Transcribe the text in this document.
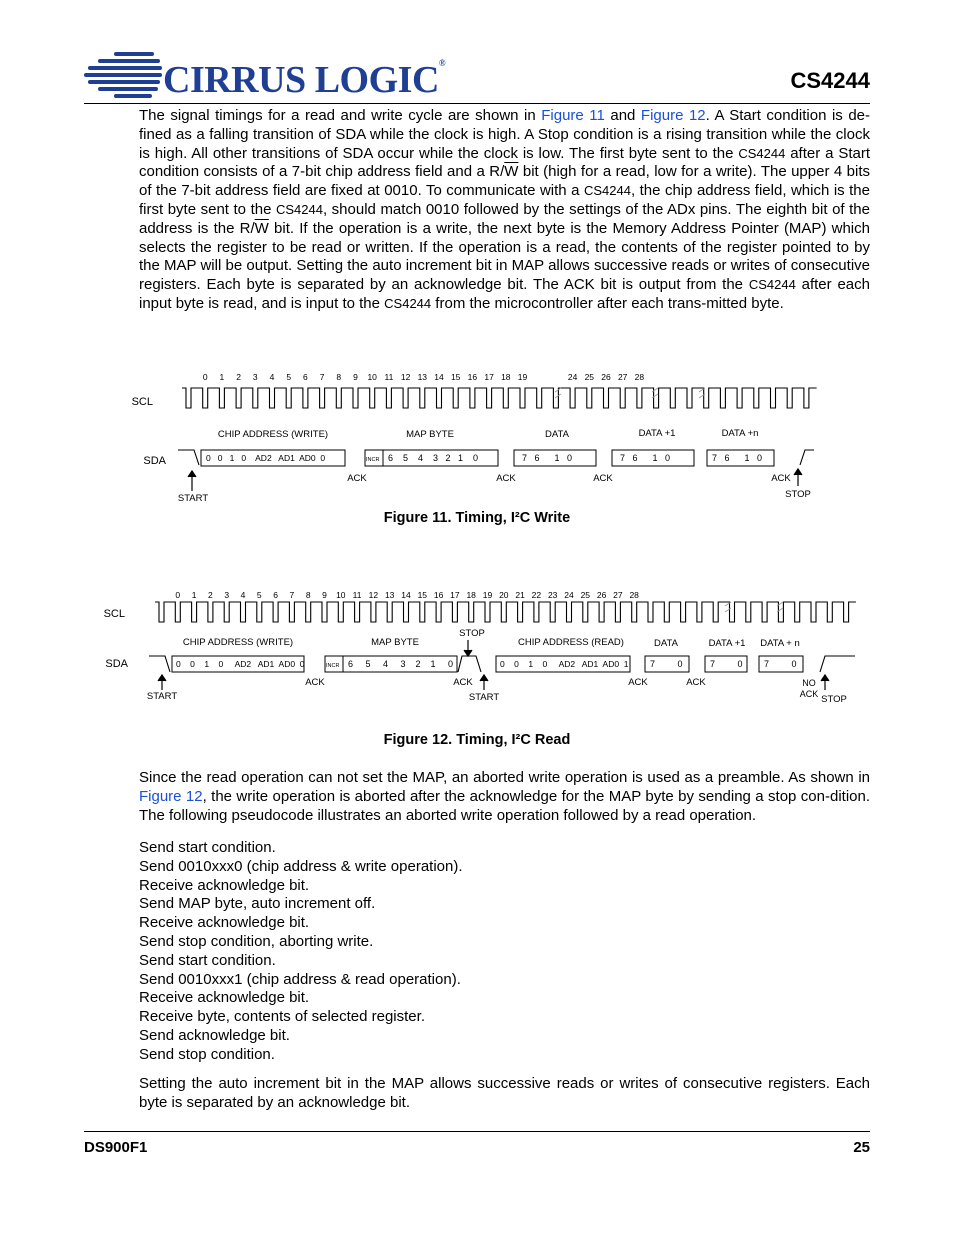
CIRRUS LOGIC®
CS4244
The signal timings for a read and write cycle are shown in Figure 11 and Figure 12. A Start condition is de-fined as a falling transition of SDA while the clock is high. A Stop condition is a rising transition while the clock is high. All other transitions of SDA occur while the clock is low. The first byte sent to the CS4244 after a Start condition consists of a 7-bit chip address field and a $R/\overline{W}$ bit (high for a read, low for a write). The upper 4 bits of the 7-bit address field are fixed at 0010. To communicate with a CS4244, the chip address field, which is the first byte sent to the CS4244, should match 0010 followed by the settings of the ADx pins. The eighth bit of the address is the $R/\overline{W}$ bit. If the operation is a write, the next byte is the Memory Address Pointer (MAP) which selects the register to be read or written. If the operation is a read, the contents of the register pointed to by the MAP will be output. Setting the auto increment bit in MAP allows successive reads or writes of consecutive registers. Each byte is separated by an acknowledge bit. The ACK bit is output from the CS4244 after each input byte is read, and is input to the CS4244 from the microcontroller after each trans-mitted byte.
0 1 2 3 4 5 6 7 8 9 10 11 12 13 14 15 16 17 18 19	24 25 26 27 28
SCL
SDA
CHIP ADDRESS (WRITE)	MAP BYTE	DATA	DATA +1	DATA +n
0   0   1   0    AD2   AD1  AD0  0	INCR 6    5    4    3   2   1    0	7   6      1   0	7   6      1   0	7   6      1   0
ACK	ACK	ACK	ACK
START	STOP
Figure 11. Timing, I²C Write
0 1 2 3 4 5 6 7 8 9 10 11 12 13 14 15 16 17 18 19 20 21 22 23 24 25 26 27 28
SCL
SDA
CHIP ADDRESS (WRITE)	MAP BYTE	CHIP ADDRESS (READ)	DATA	DATA +1 DATA + n
0    0    1    0     AD2   AD1  AD0  0	INCR 6     5     4     3    2    1     0	0    0    1    0     AD2   AD1  AD0  1 7         0	7         0 7         0
STOP
ACK	ACK	ACK	ACK	NO
ACK
START	START	STOP
Figure 12. Timing, I²C Read
Since the read operation can not set the MAP, an aborted write operation is used as a preamble. As shown in Figure 12, the write operation is aborted after the acknowledge for the MAP byte by sending a stop con-dition. The following pseudocode illustrates an aborted write operation followed by a read operation.
Send start condition.
Send 0010xxx0 (chip address & write operation).
Receive acknowledge bit.
Send MAP byte, auto increment off.
Receive acknowledge bit.
Send stop condition, aborting write.
Send start condition.
Send 0010xxx1 (chip address & read operation).
Receive acknowledge bit.
Receive byte, contents of selected register.
Send acknowledge bit.
Send stop condition.
Setting the auto increment bit in the MAP allows successive reads or writes of consecutive registers. Each byte is separated by an acknowledge bit.
DS900F1	25
